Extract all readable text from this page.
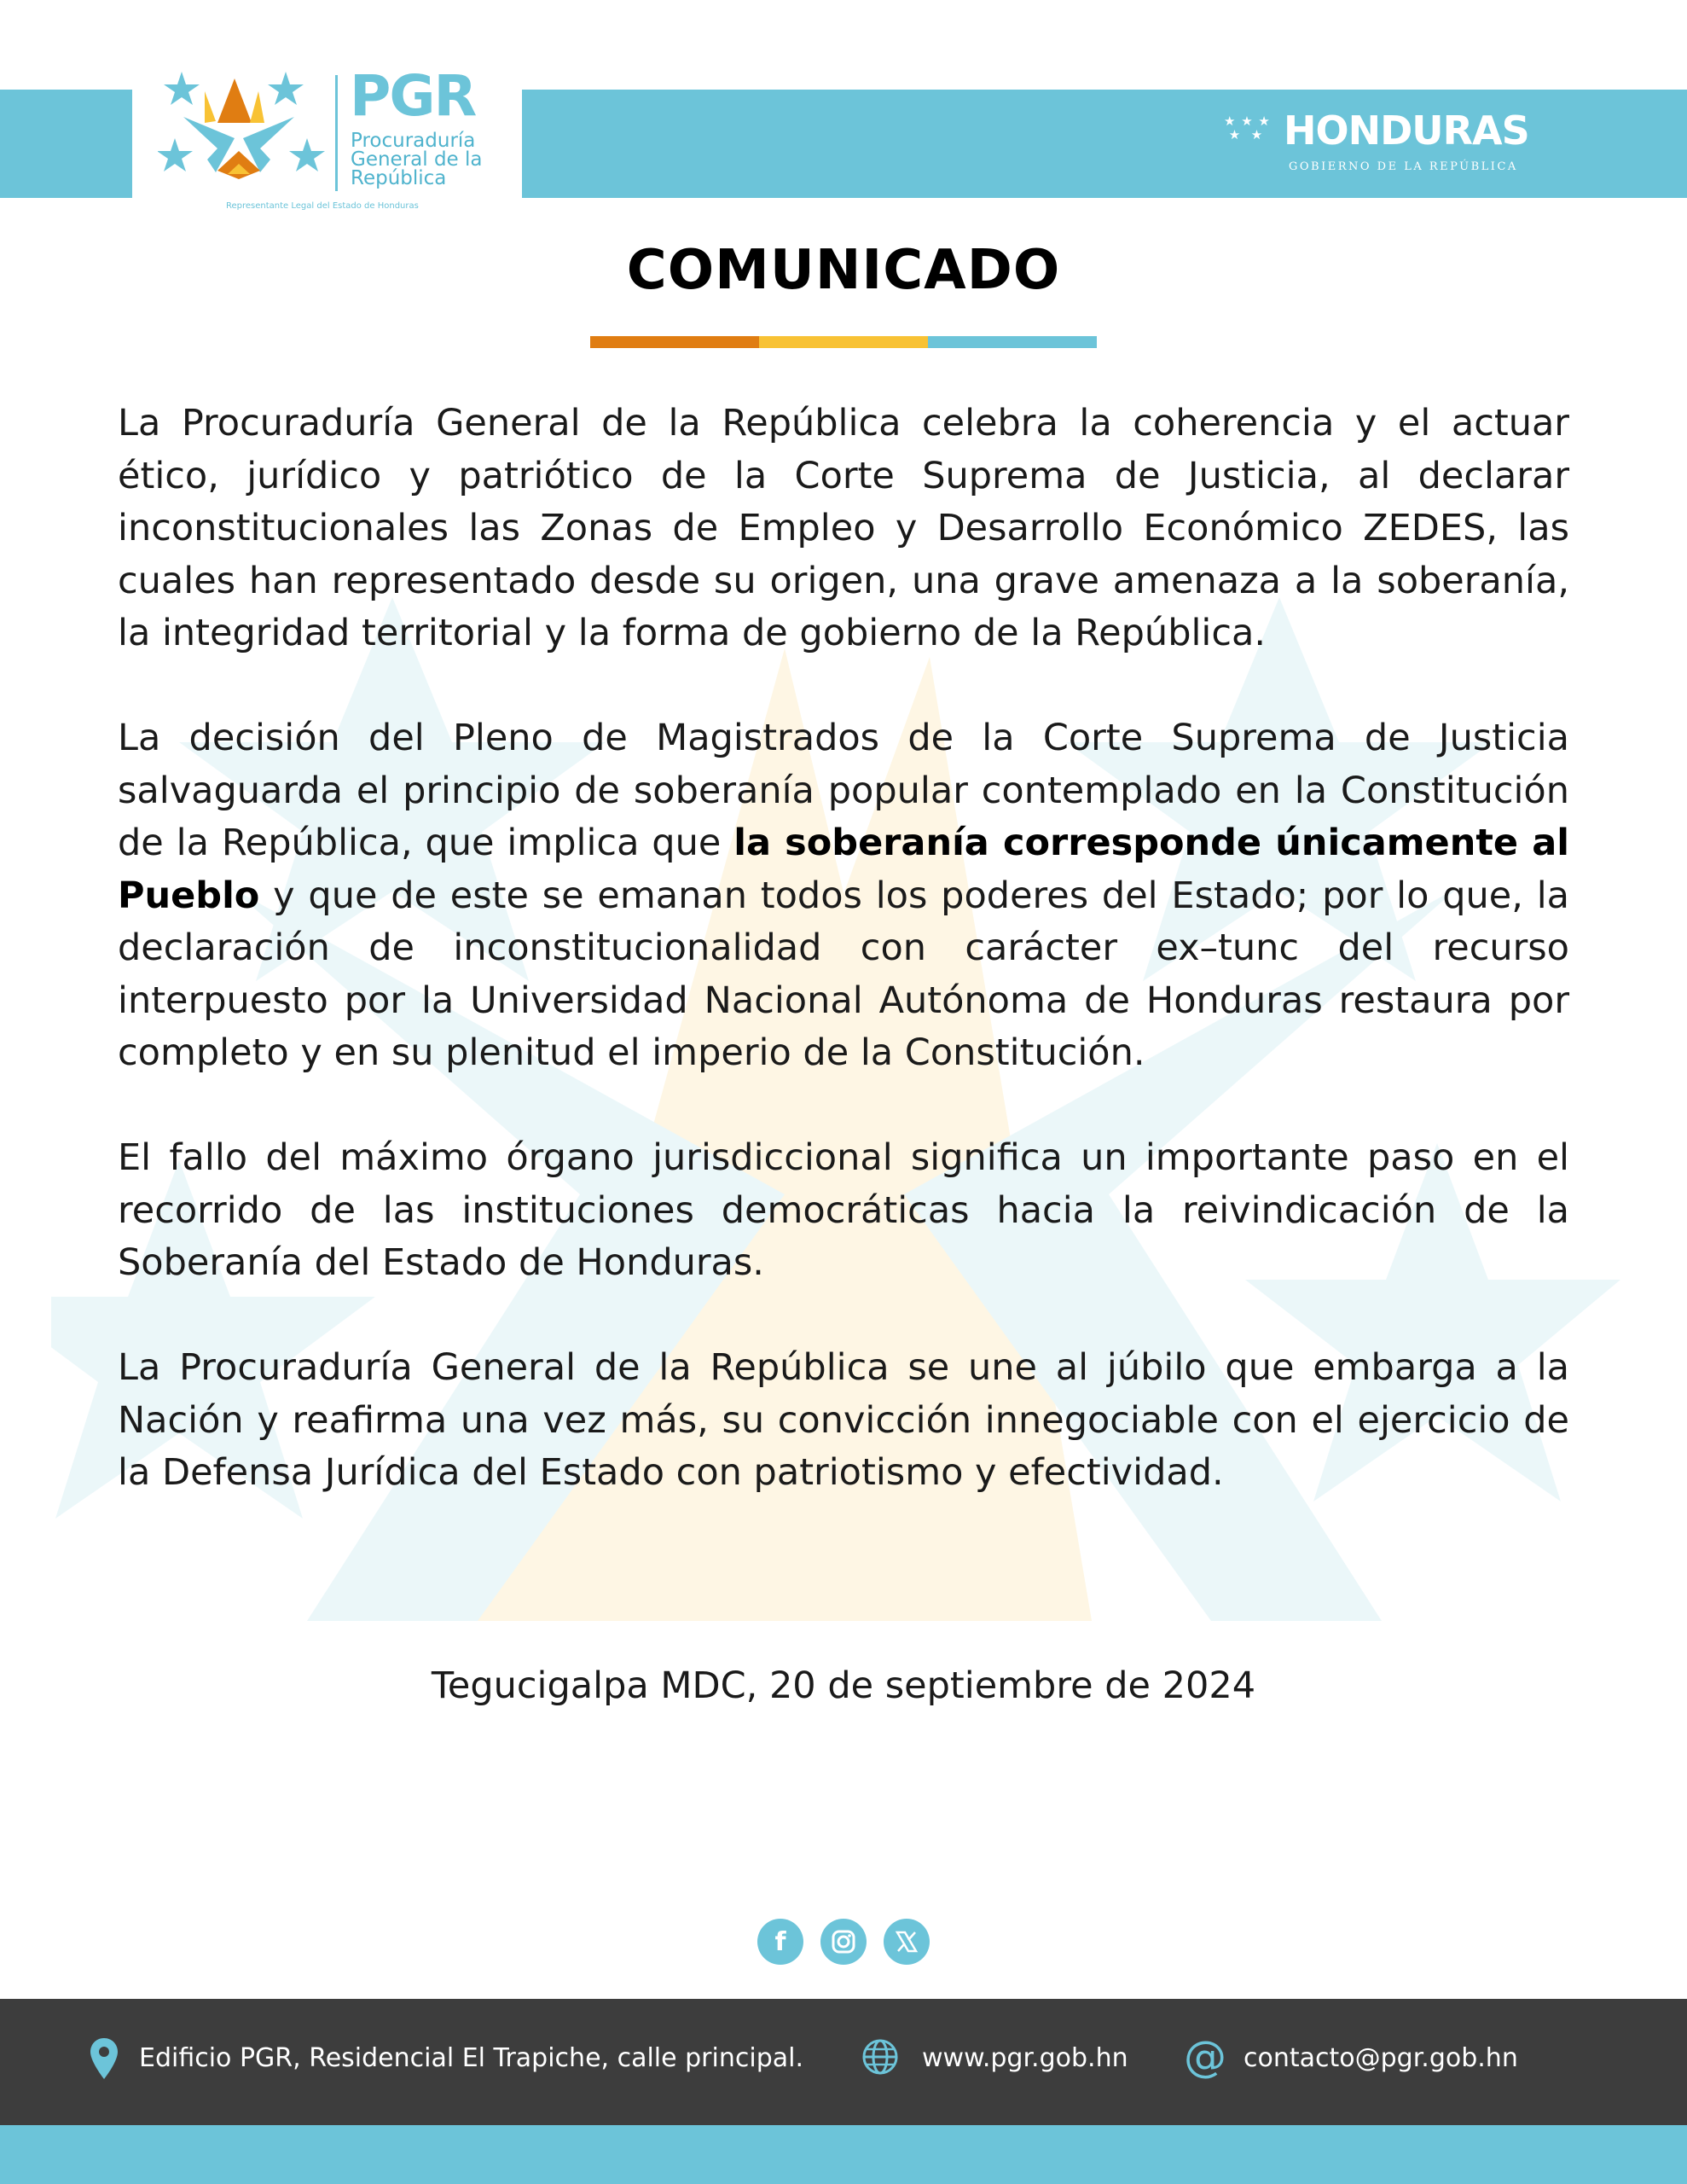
PGR
Procuraduría
General de la
República
Representante Legal del Estado de Honduras
★ ★ ★
★  ★ HONDURAS
GOBIERNO DE LA REPÚBLICA
COMUNICADO

La Procuraduría General de la República celebra la coherencia y el actuar ético, jurídico y patriótico de la Corte Suprema de Justicia, al declarar inconstitucionales las Zonas de Empleo y Desarrollo Económico ZEDES, las cuales han representado desde su origen, una grave amenaza a la soberanía, la integridad territorial y la forma de gobierno de la República.

La decisión del Pleno de Magistrados de la Corte Suprema de Justicia salvaguarda el principio de soberanía popular contemplado en la Constitución de la República, que implica que la soberanía corresponde únicamente al Pueblo y que de este se emanan todos los poderes del Estado; por lo que, la declaración de inconstitucionalidad con carácter ex–tunc del recurso interpuesto por la Universidad Nacional Autónoma de Honduras restaura por completo y en su plenitud el imperio de la Constitución.

El fallo del máximo órgano jurisdiccional significa un importante paso en el recorrido de las instituciones democráticas hacia la reivindicación de la Soberanía del Estado de Honduras.

La Procuraduría General de la República se une al júbilo que embarga a la Nación y reafirma una vez más, su convicción innegociable con el ejercicio de la Defensa Jurídica del Estado con patriotismo y efectividad.

Tegucigalpa MDC, 20 de septiembre de 2024
f
Edificio PGR, Residencial El Trapiche, calle principal.	www.pgr.gob.hn @ contacto@pgr.gob.hn
